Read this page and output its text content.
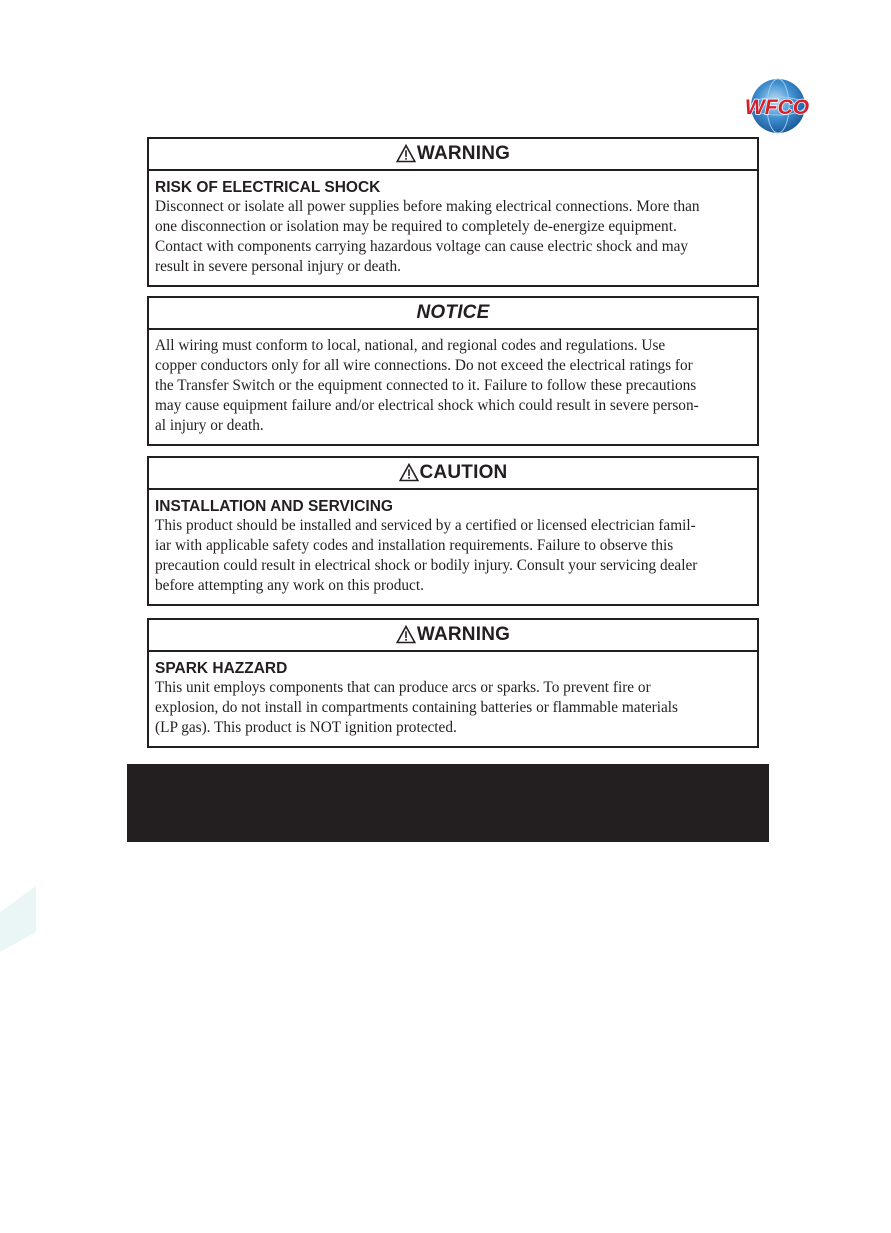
WFCO
WARNING
RISK OF ELECTRICAL SHOCK

Disconnect or isolate all power supplies before making electrical connections. More than
one disconnection or isolation may be required to completely de-energize equipment.
Contact with components carrying hazardous voltage can cause electric shock and may
result in severe personal injury or death.

NOTICE

All wiring must conform to local, national, and regional codes and regulations. Use
copper conductors only for all wire connections. Do not exceed the electrical ratings for
the Transfer Switch or the equipment connected to it. Failure to follow these precautions
may cause equipment failure and/or electrical shock which could result in severe person-
al injury or death.

CAUTION
INSTALLATION AND SERVICING

This product should be installed and serviced by a certified or licensed electrician famil-
iar with applicable safety codes and installation requirements. Failure to observe this
precaution could result in electrical shock or bodily injury. Consult your servicing dealer
before attempting any work on this product.

WARNING
SPARK HAZZARD

This unit employs components that can produce arcs or sparks. To prevent fire or
explosion, do not install in compartments containing batteries or flammable materials
(LP gas). This product is NOT ignition protected.
